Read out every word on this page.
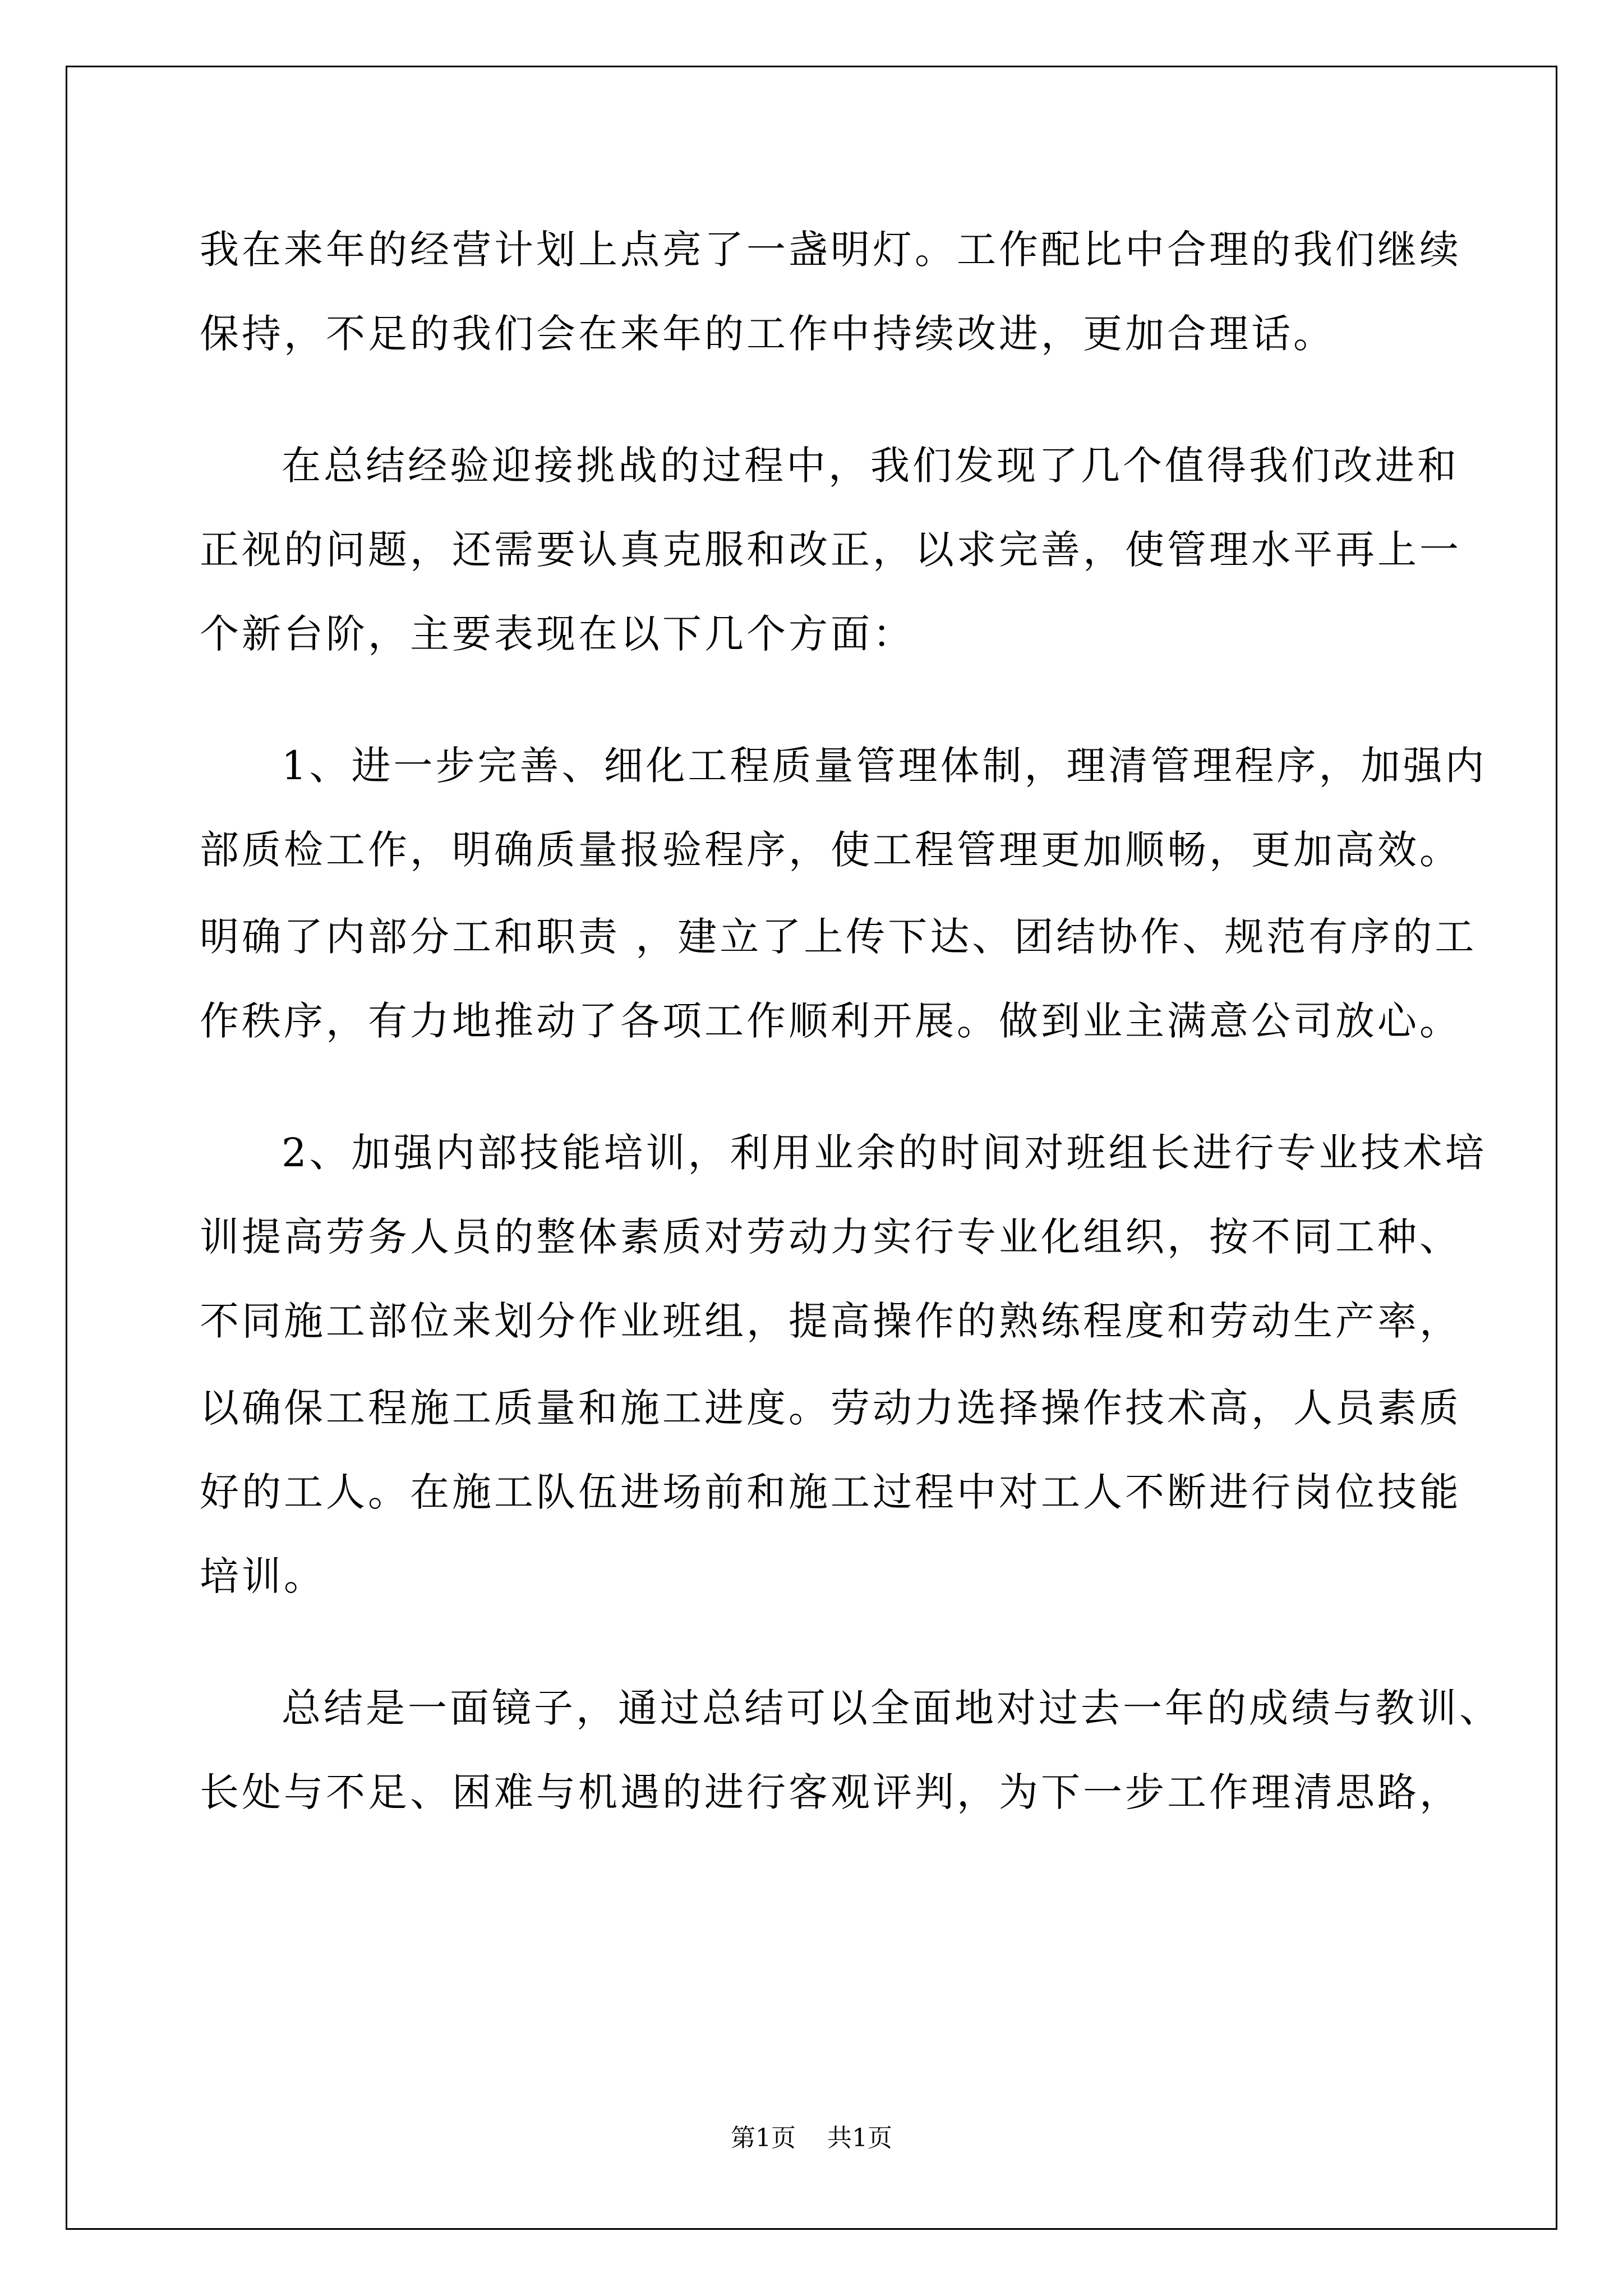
我在来年的经营计划上点亮了一盏明灯。工作配比中合理的我们继续
保持，不足的我们会在来年的工作中持续改进，更加合理话。
在总结经验迎接挑战的过程中，我们发现了几个值得我们改进和
正视的问题，还需要认真克服和改正，以求完善，使管理水平再上一
个新台阶，主要表现在以下几个方面：
1、进一步完善、细化工程质量管理体制，理清管理程序，加强内
部质检工作，明确质量报验程序，使工程管理更加顺畅，更加高效。
明确了内部分工和职责 ，建立了上传下达、团结协作、规范有序的工
作秩序，有力地推动了各项工作顺利开展。做到业主满意公司放心。
2、加强内部技能培训，利用业余的时间对班组长进行专业技术培
训提高劳务人员的整体素质对劳动力实行专业化组织，按不同工种、
不同施工部位来划分作业班组，提高操作的熟练程度和劳动生产率，
以确保工程施工质量和施工进度。劳动力选择操作技术高，人员素质
好的工人。在施工队伍进场前和施工过程中对工人不断进行岗位技能
培训。
总结是一面镜子，通过总结可以全面地对过去一年的成绩与教训、
长处与不足、困难与机遇的进行客观评判，为下一步工作理清思路，
第1页    共1页
